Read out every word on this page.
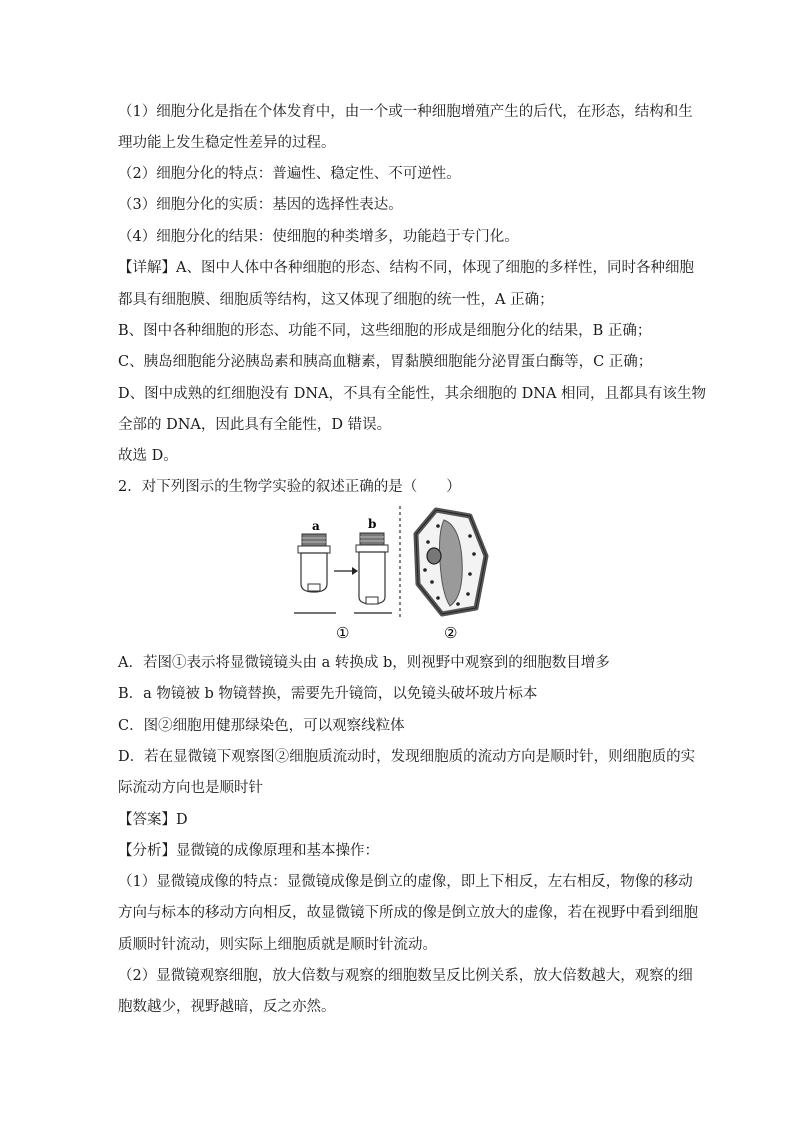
（1）细胞分化是指在个体发育中，由一个或一种细胞增殖产生的后代，在形态，结构和生
理功能上发生稳定性差异的过程。
（2）细胞分化的特点：普遍性、稳定性、不可逆性。
（3）细胞分化的实质：基因的选择性表达。
（4）细胞分化的结果：使细胞的种类增多，功能趋于专门化。
【详解】A、图中人体中各种细胞的形态、结构不同，体现了细胞的多样性，同时各种细胞
都具有细胞膜、细胞质等结构，这又体现了细胞的统一性，A 正确；
B、图中各种细胞的形态、功能不同，这些细胞的形成是细胞分化的结果，B 正确；
C、胰岛细胞能分泌胰岛素和胰高血糖素，胃黏膜细胞能分泌胃蛋白酶等，C 正确；
D、图中成熟的红细胞没有 DNA，不具有全能性，其余细胞的 DNA 相同，且都具有该生物
全部的 DNA，因此具有全能性，D 错误。
故选 D。
2．对下列图示的生物学实验的叙述正确的是（　　）
a	b
①	②
A．若图①表示将显微镜镜头由 a 转换成 b，则视野中观察到的细胞数目增多
B．a 物镜被 b 物镜替换，需要先升镜筒，以免镜头破坏玻片标本
C．图②细胞用健那绿染色，可以观察线粒体
D．若在显微镜下观察图②细胞质流动时，发现细胞质的流动方向是顺时针，则细胞质的实
际流动方向也是顺时针
【答案】D
【分析】显微镜的成像原理和基本操作：
（1）显微镜成像的特点：显微镜成像是倒立的虚像，即上下相反，左右相反，物像的移动
方向与标本的移动方向相反，故显微镜下所成的像是倒立放大的虚像，若在视野中看到细胞
质顺时针流动，则实际上细胞质就是顺时针流动。
（2）显微镜观察细胞，放大倍数与观察的细胞数呈反比例关系，放大倍数越大，观察的细
胞数越少，视野越暗，反之亦然。
